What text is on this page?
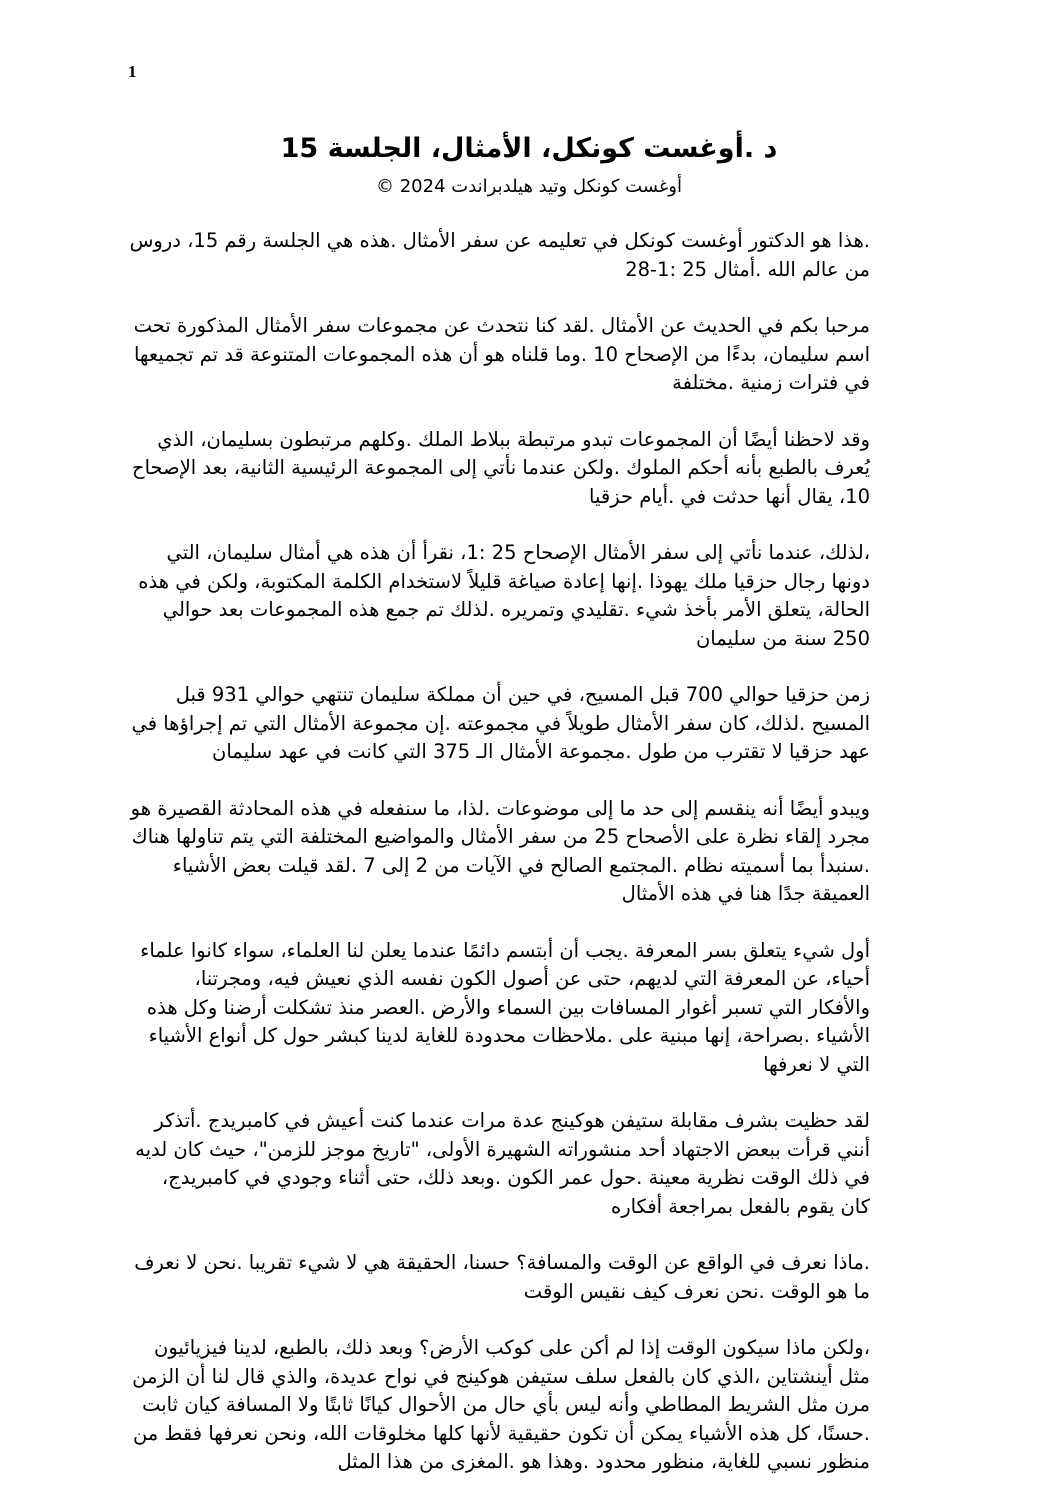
1
د .أوغست كونكل، الأمثال، الجلسة 15
أوغست كونكل وتيد هيلدبراندت 2024 ©

.هذا هو الدكتور أوغست كونكل في تعليمه عن سفر الأمثال .هذه هي الجلسة رقم 15، دروس من عالم الله .أمثال 25 :1-28

مرحبا بكم في الحديث عن الأمثال .لقد كنا نتحدث عن مجموعات سفر الأمثال المذكورة تحت اسم سليمان، بدءًا من الإصحاح 10 .وما قلناه هو أن هذه المجموعات المتنوعة قد تم تجميعها في فترات زمنية .مختلفة

وقد لاحظنا أيضًا أن المجموعات تبدو مرتبطة ببلاط الملك .وكلهم مرتبطون بسليمان، الذي يُعرف بالطبع بأنه أحكم الملوك .ولكن عندما نأتي إلى المجموعة الرئيسية الثانية، بعد الإصحاح 10، يقال أنها حدثت في .أيام حزقيا

،لذلك، عندما نأتي إلى سفر الأمثال الإصحاح 25 :1، نقرأ أن هذه هي أمثال سليمان، التي دونها رجال حزقيا ملك يهوذا .إنها إعادة صياغة قليلاً لاستخدام الكلمة المكتوبة، ولكن في هذه الحالة، يتعلق الأمر بأخذ شيء .تقليدي وتمريره .لذلك تم جمع هذه المجموعات بعد حوالي 250 سنة من سليمان

زمن حزقيا حوالي 700 قبل المسيح، في حين أن مملكة سليمان تنتهي حوالي 931 قبل المسيح .لذلك، كان سفر الأمثال طويلاً في مجموعته .إن مجموعة الأمثال التي تم إجراؤها في عهد حزقيا لا تقترب من طول .مجموعة الأمثال الـ 375 التي كانت في عهد سليمان

ويبدو أيضًا أنه ينقسم إلى حد ما إلى موضوعات .لذا، ما سنفعله في هذه المحادثة القصيرة هو مجرد إلقاء نظرة على الأصحاح 25 من سفر الأمثال والمواضيع المختلفة التي يتم تناولها هناك .سنبدأ بما أسميته نظام .المجتمع الصالح في الآيات من 2 إلى 7 .لقد قيلت بعض الأشياء العميقة جدًا هنا في هذه الأمثال

أول شيء يتعلق بسر المعرفة .يجب أن أبتسم دائمًا عندما يعلن لنا العلماء، سواء كانوا علماء أحياء، عن المعرفة التي لديهم، حتى عن أصول الكون نفسه الذي نعيش فيه، ومجرتنا، والأفكار التي تسبر أغوار المسافات بين السماء والأرض .العصر منذ تشكلت أرضنا وكل هذه الأشياء .بصراحة، إنها مبنية على .ملاحظات محدودة للغاية لدينا كبشر حول كل أنواع الأشياء التي لا نعرفها

لقد حظيت بشرف مقابلة ستيفن هوكينج عدة مرات عندما كنت أعيش في كامبريدج .أتذكر أنني قرأت ببعض الاجتهاد أحد منشوراته الشهيرة الأولى، "تاريخ موجز للزمن"، حيث كان لديه في ذلك الوقت نظرية معينة .حول عمر الكون .وبعد ذلك، حتى أثناء وجودي في كامبريدج، كان يقوم بالفعل بمراجعة أفكاره

.ماذا نعرف في الواقع عن الوقت والمسافة؟ حسنا، الحقيقة هي لا شيء تقريبا .نحن لا نعرف ما هو الوقت .نحن نعرف كيف نقيس الوقت

،ولكن ماذا سيكون الوقت إذا لم أكن على كوكب الأرض؟ وبعد ذلك، بالطبع، لدينا فيزيائيون مثل أينشتاين ،الذي كان بالفعل سلف ستيفن هوكينج في نواح عديدة، والذي قال لنا أن الزمن مرن مثل الشريط المطاطي وأنه ليس بأي حال من الأحوال كيانًا ثابتًا ولا المسافة كيان ثابت .حسنًا، كل هذه الأشياء يمكن أن تكون حقيقية لأنها كلها مخلوقات الله، ونحن نعرفها فقط من منظور نسبي للغاية، منظور محدود .وهذا هو .المغزى من هذا المثل
